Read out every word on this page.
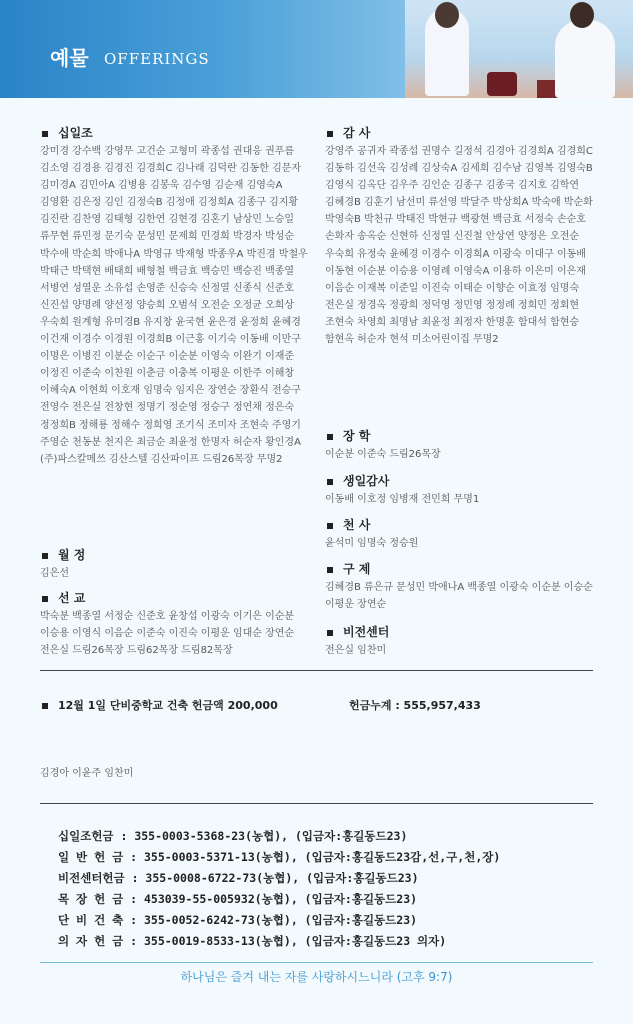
예물 OFFERINGS
십일조
강미경 강수백 강영무 고건순 고형미 곽종섭 권대응 권푸름 김소영 김경용 김경진 김경희C 김나래 김덕란 김동한 김문자 김미경A 김민아A 김병용 김봉욱 김수영 김순재 김영숙A 김영환 김은정 김인 김정숙B 김정애 김정희A 김종구 김지황 김진란 김찬영 김태형 김한연 김현경 김혼기 남상민 노승일 류무현 류민정 문기숙 문성민 문제희 민경희 박경자 박성순 박수애 박순희 박애나A 박영규 박재형 박종우A 박진경 박철우 박태근 박택현 배태희 배형철 백금효 백승민 백승진 백종열 서병연 성열운 소유섭 손영준 신승숙 신정열 신종식 신준호 신진섭 양명례 양선정 양승희 오범석 오전순 오정균 오희상 우숙희 원계형 유미경B 유지창 윤국현 윤은경 윤정희 윤혜경 이건재 이경수 이경원 이경희B 이근홍 이기숙 이동배 이만구 이명은 이병진 이분순 이순구 이순분 이영숙 이완기 이재준 이정진 이준숙 이찬원 이춘금 이충복 이평운 이한주 이해창 이혜숙A 이현희 이호재 임명숙 임지은 장연순 장환식 전승구 전영수 전은실 전창현 정명기 정순영 정승구 정연채 정은숙 정정희B 정해룡 정해수 정희영 조기식 조미자 조현숙 주영기 주영순 천동분 천지은 최금순 최윤정 한명자 허순자 황인경A (주)파스칼메쓰 김산스텔 김산파이프 드림26목장 무명2
월 정
김은선
선 교
박숙분 백종열 서정순 신준호 윤창섭 이광숙 이기은 이순분 이승용 이영식 이음순 이준숙 이진숙 이평운 임대순 장연순 전은실 드림26목장 드림62목장 드림82목장
감 사
강영주 공귀자 곽종섭 권명수 길정석 김경아 김경희A 김경희C 김동하 김선옥 김성례 김상숙A 김세희 김수남 김영복 김영숙B 김영식 김옥단 김우주 김인순 김종구 김종국 김지호 김학연 김혜경B 김훈기 남선미 류선영 박달주 박상희A 박숙애 박순화 박영숙B 박천규 박태진 박현규 백광현 백금효 서정숙 손순호 손화자 송옥순 신현하 신정열 신진철 안상연 양정은 오전순 우숙희 유정숙 윤혜경 이경수 이경희A 이광숙 이대구 이동배 이동현 이순분 이승용 이영례 이영숙A 이용하 이은미 이은재 이음순 이재복 이준일 이진숙 이태순 이향순 이효정 임명숙 전은실 정경옥 정광희 정덕영 정민영 정정례 정희민 정회현 조현숙 차영희 최명남 최윤정 최정자 한명훈 함대석 함현승 함현옥 허순자 현석 미소어린이집 무명2
장 학
이순분 이준숙 드림26목장
생일감사
이동배 이호정 임병재 전민희 무명1
천 사
윤석미 임명숙 정승원
구 제
김혜경B 류은규 문성민 박애나A 백종열 이광숙 이순분 이승순 이평운 장연순
비전센터
전은실 임찬미
12월 1일 단비중학교 건축 헌금액 200,000	헌금누계 : 555,957,433
김경아 이윤주 임찬미
십일조헌금 : 355-0003-5368-23(농협), (입금자:홍길동드23)
일 반 헌 금 : 355-0003-5371-13(농협), (입금자:홍길동드23감,선,구,천,장)
비전센터헌금 : 355-0008-6722-73(농협), (입금자:홍길동드23)
목 장 헌 금 : 453039-55-005932(농협), (입금자:홍길동드23)
단 비 건 축 : 355-0052-6242-73(농협), (입금자:홍길동드23)
의 자 헌 금 : 355-0019-8533-13(농협), (입금자:홍길동드23 의자)
하나님은 즐겨 내는 자를 사랑하시느니라 (고후 9:7)
